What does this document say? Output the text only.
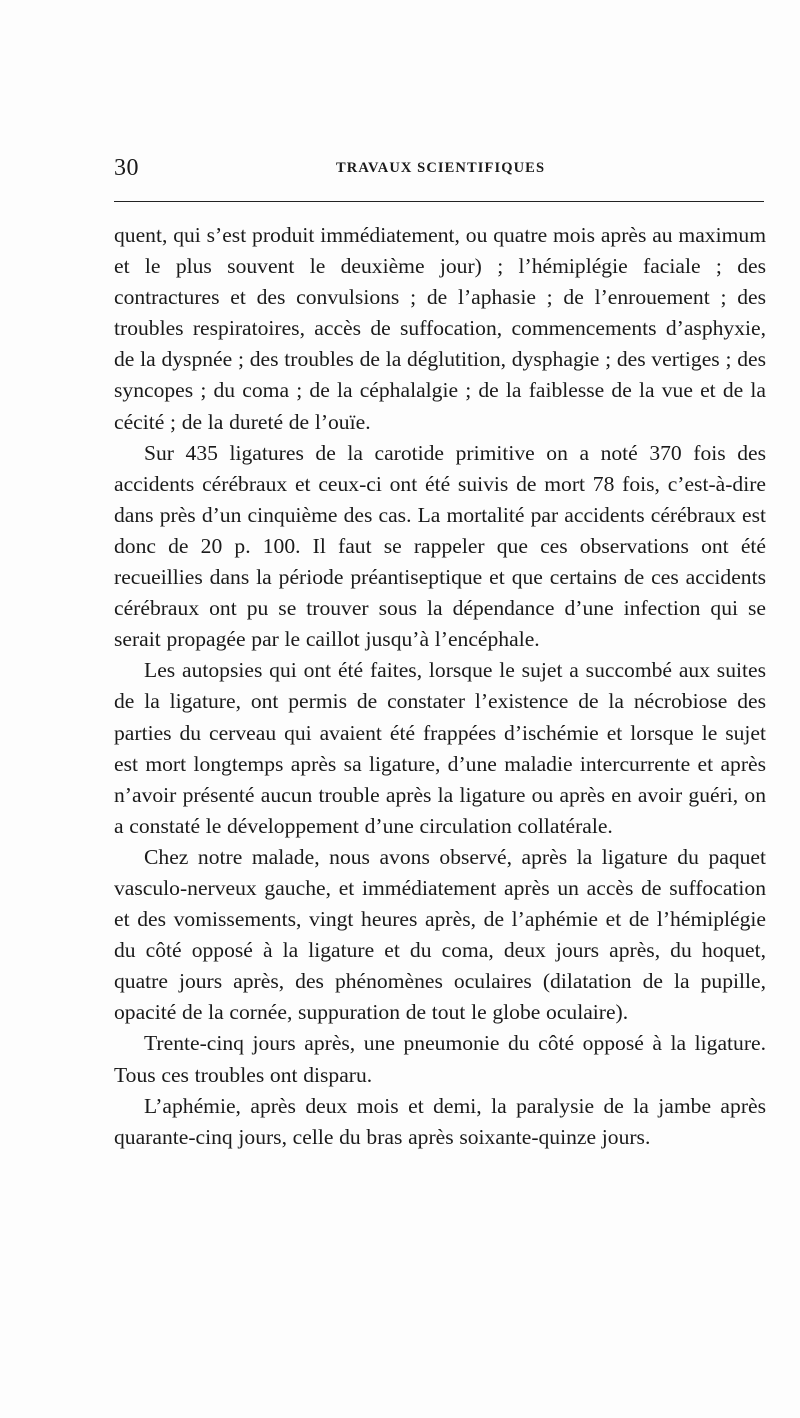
30	TRAVAUX SCIENTIFIQUES

quent, qui s’est produit immédiatement, ou quatre mois après au maximum et le plus souvent le deuxième jour) ; l’hémiplégie faciale ; des contractures et des convulsions ; de l’aphasie ; de l’enrouement ; des troubles respiratoires, accès de suffocation, commencements d’asphyxie, de la dyspnée ; des troubles de la déglutition, dysphagie ; des vertiges ; des syncopes ; du coma ; de la céphalalgie ; de la faiblesse de la vue et de la cécité ; de la dureté de l’ouïe.

Sur 435 ligatures de la carotide primitive on a noté 370 fois des accidents cérébraux et ceux-ci ont été suivis de mort 78 fois, c’est-à-dire dans près d’un cinquième des cas. La mortalité par accidents cérébraux est donc de 20 p. 100. Il faut se rappeler que ces observations ont été recueillies dans la période préantiseptique et que certains de ces accidents cérébraux ont pu se trouver sous la dépendance d’une infection qui se serait propagée par le caillot jusqu’à l’encéphale.

Les autopsies qui ont été faites, lorsque le sujet a succombé aux suites de la ligature, ont permis de constater l’existence de la nécrobiose des parties du cerveau qui avaient été frappées d’ischémie et lorsque le sujet est mort longtemps après sa ligature, d’une maladie intercurrente et après n’avoir présenté aucun trouble après la ligature ou après en avoir guéri, on a constaté le développement d’une circulation collatérale.

Chez notre malade, nous avons observé, après la ligature du paquet vasculo-nerveux gauche, et immédiatement après un accès de suffocation et des vomissements, vingt heures après, de l’aphémie et de l’hémiplégie du côté opposé à la ligature et du coma, deux jours après, du hoquet, quatre jours après, des phénomènes oculaires (dilatation de la pupille, opacité de la cornée, suppuration de tout le globe oculaire).

Trente-cinq jours après, une pneumonie du côté opposé à la ligature. Tous ces troubles ont disparu.

L’aphémie, après deux mois et demi, la paralysie de la jambe après quarante-cinq jours, celle du bras après soixante-quinze jours.
